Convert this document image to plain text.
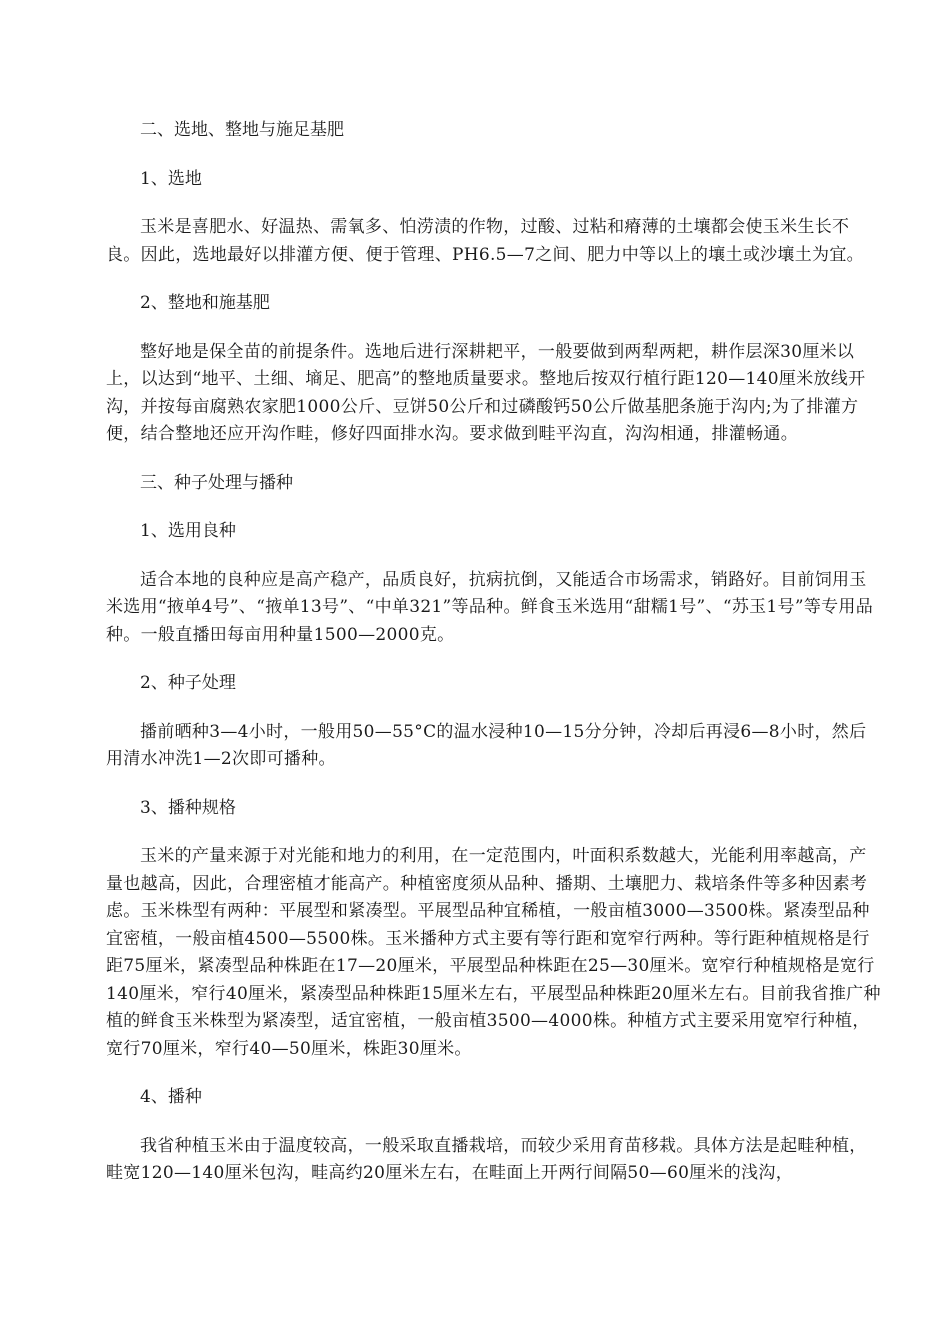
二、选地、整地与施足基肥

1、选地

玉米是喜肥水、好温热、需氧多、怕涝渍的作物，过酸、过粘和瘠薄的土壤都会使玉米生长不良。因此，选地最好以排灌方便、便于管理、PH6.5—7之间、肥力中等以上的壤土或沙壤土为宜。

2、整地和施基肥

整好地是保全苗的前提条件。选地后进行深耕耙平，一般要做到两犁两耙，耕作层深30厘米以上，以达到“地平、土细、墒足、肥高”的整地质量要求。整地后按双行植行距120—140厘米放线开沟，并按每亩腐熟农家肥1000公斤、豆饼50公斤和过磷酸钙50公斤做基肥条施于沟内;为了排灌方便，结合整地还应开沟作畦，修好四面排水沟。要求做到畦平沟直，沟沟相通，排灌畅通。

三、种子处理与播种

1、选用良种

适合本地的良种应是高产稳产，品质良好，抗病抗倒，又能适合市场需求，销路好。目前饲用玉米选用“掖单4号”、“掖单13号”、“中单321”等品种。鲜食玉米选用“甜糯1号”、“苏玉1号”等专用品种。一般直播田每亩用种量1500—2000克。

2、种子处理

播前晒种3—4小时，一般用50—55°C的温水浸种10—15分分钟，冷却后再浸6—8小时，然后用清水冲洗1—2次即可播种。

3、播种规格

玉米的产量来源于对光能和地力的利用，在一定范围内，叶面积系数越大，光能利用率越高，产量也越高，因此，合理密植才能高产。种植密度须从品种、播期、土壤肥力、栽培条件等多种因素考虑。玉米株型有两种：平展型和紧凑型。平展型品种宜稀植，一般亩植3000—3500株。紧凑型品种宜密植，一般亩植4500—5500株。玉米播种方式主要有等行距和宽窄行两种。等行距种植规格是行距75厘米，紧凑型品种株距在17—20厘米，平展型品种株距在25—30厘米。宽窄行种植规格是宽行140厘米，窄行40厘米，紧凑型品种株距15厘米左右，平展型品种株距20厘米左右。目前我省推广种植的鲜食玉米株型为紧凑型，适宜密植，一般亩植3500—4000株。种植方式主要采用宽窄行种植，宽行70厘米，窄行40—50厘米，株距30厘米。

4、播种

我省种植玉米由于温度较高，一般采取直播栽培，而较少采用育苗移栽。具体方法是起畦种植，畦宽120—140厘米包沟，畦高约20厘米左右，在畦面上开两行间隔50—60厘米的浅沟，
